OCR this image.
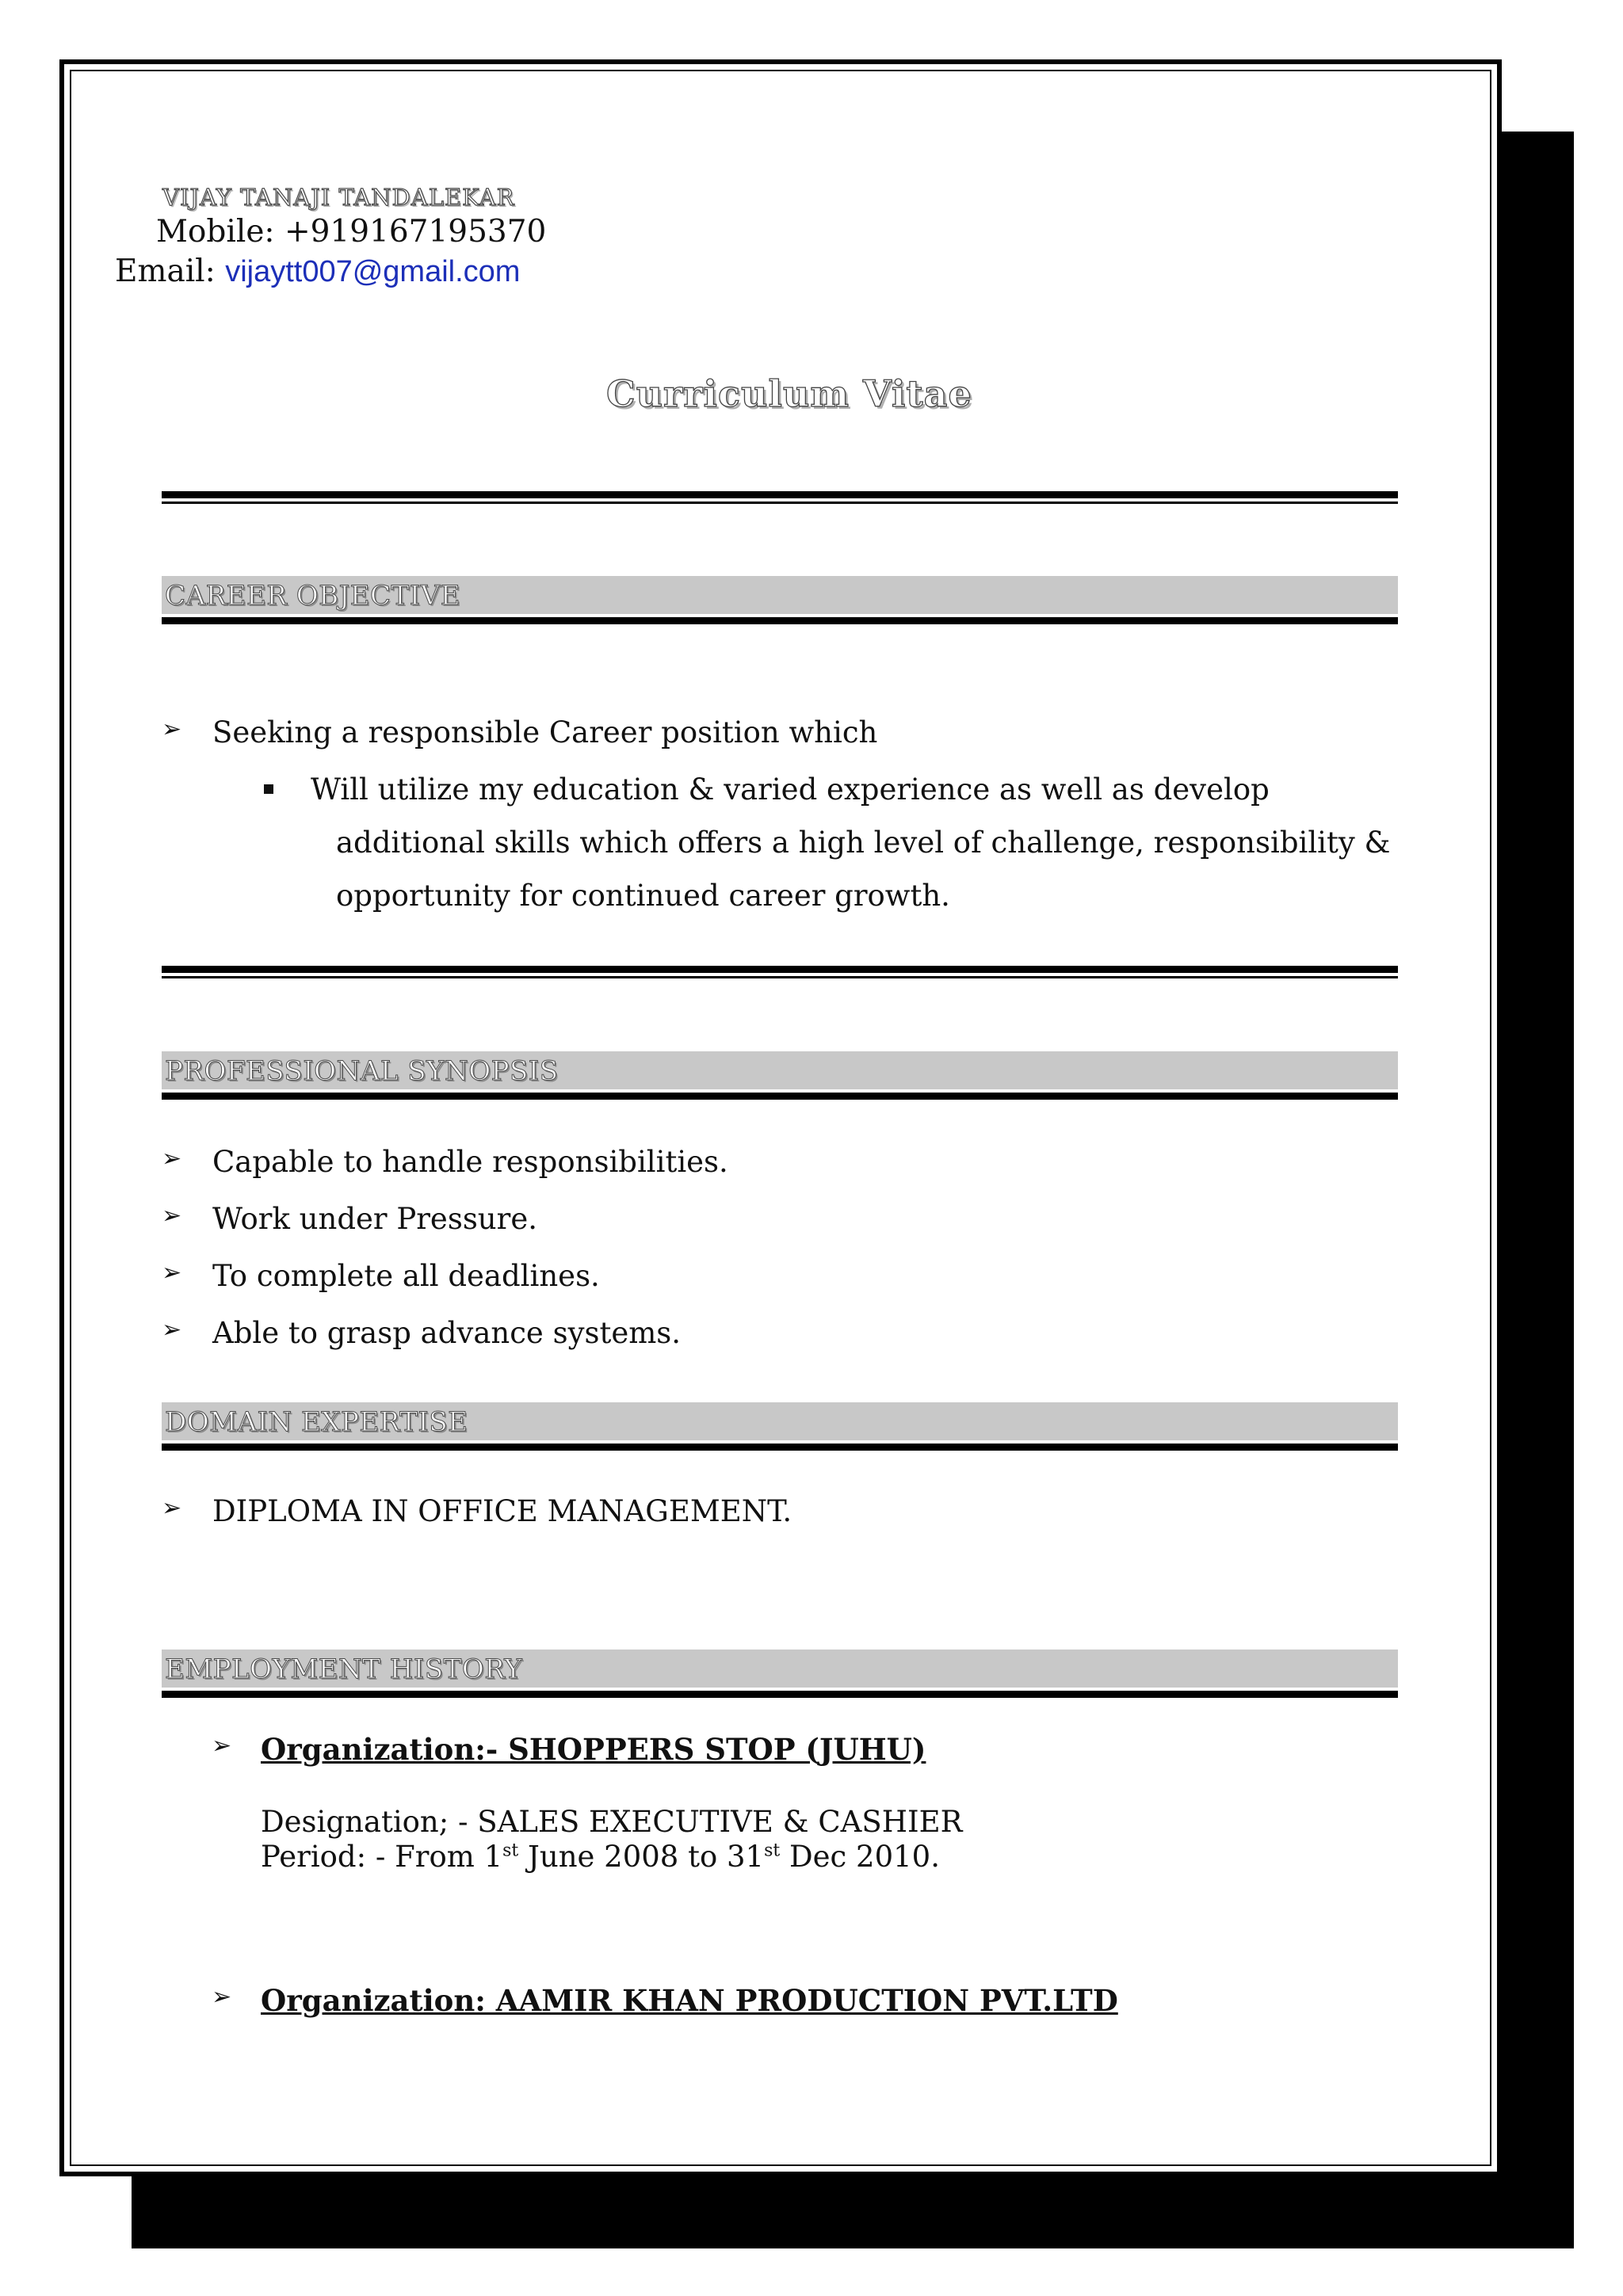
VIJAY TANAJI TANDALEKAR
Mobile: +919167195370
Email: vijaytt007@gmail.com
Curriculum Vitae
CAREER OBJECTIVE
➢ Seeking a responsible Career position which
Will utilize my education & varied experience as well as develop
additional skills which offers a high level of challenge, responsibility &
opportunity for continued career growth.
PROFESSIONAL SYNOPSIS
➢ Capable to handle responsibilities.
➢ Work under Pressure.
➢ To complete all deadlines.
➢ Able to grasp advance systems.
DOMAIN EXPERTISE
➢ DIPLOMA IN OFFICE MANAGEMENT.
EMPLOYMENT HISTORY
➢ Organization:- SHOPPERS STOP (JUHU)
Designation; - SALES EXECUTIVE & CASHIER
Period: - From 1st June 2008 to 31st Dec 2010.
➢ Organization: AAMIR KHAN PRODUCTION PVT.LTD
